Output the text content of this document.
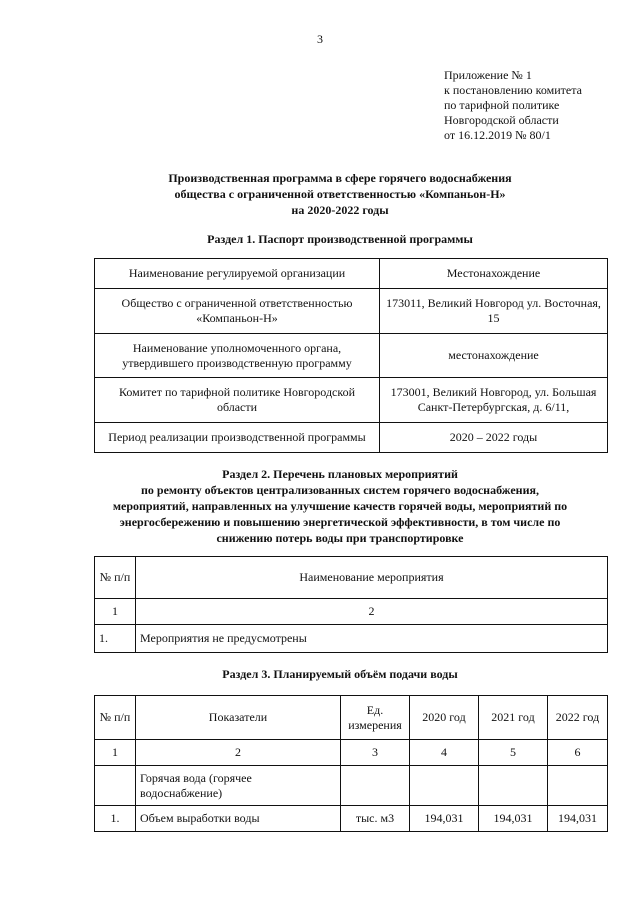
3
Приложение № 1
к постановлению комитета
по тарифной политике
Новгородской области
от 16.12.2019 № 80/1
Производственная программа в сфере горячего водоснабжения
общества с ограниченной ответственностью «Компаньон-Н»
на 2020-2022 годы
Раздел 1. Паспорт производственной программы
Наименование регулируемой организации	Местонахождение
Общество с ограниченной ответственностью «Компаньон-Н»	173011, Великий Новгород ул. Восточная, 15
Наименование уполномоченного органа, утвердившего производственную программу	местонахождение
Комитет по тарифной политике Новгородской области	173001, Великий Новгород, ул. Большая Санкт-Петербургская, д. 6/11,
Период реализации производственной программы	2020 – 2022 годы
Раздел 2. Перечень плановых мероприятий
по ремонту объектов централизованных систем горячего водоснабжения,
мероприятий, направленных на улучшение качеств горячей воды, мероприятий по
энергосбережению и повышению энергетической эффективности, в том числе по
снижению потерь воды при транспортировке
№ п/п	Наименование мероприятия
1	2
1.	Мероприятия не предусмотрены
Раздел 3. Планируемый объём подачи воды
№ п/п	Показатели	Ед. измерения	2020 год	2021 год	2022 год
1	2	3	4	5	6
	Горячая вода (горячее водоснабжение)				
1.	Объем выработки воды	тыс. м3	194,031	194,031	194,031
